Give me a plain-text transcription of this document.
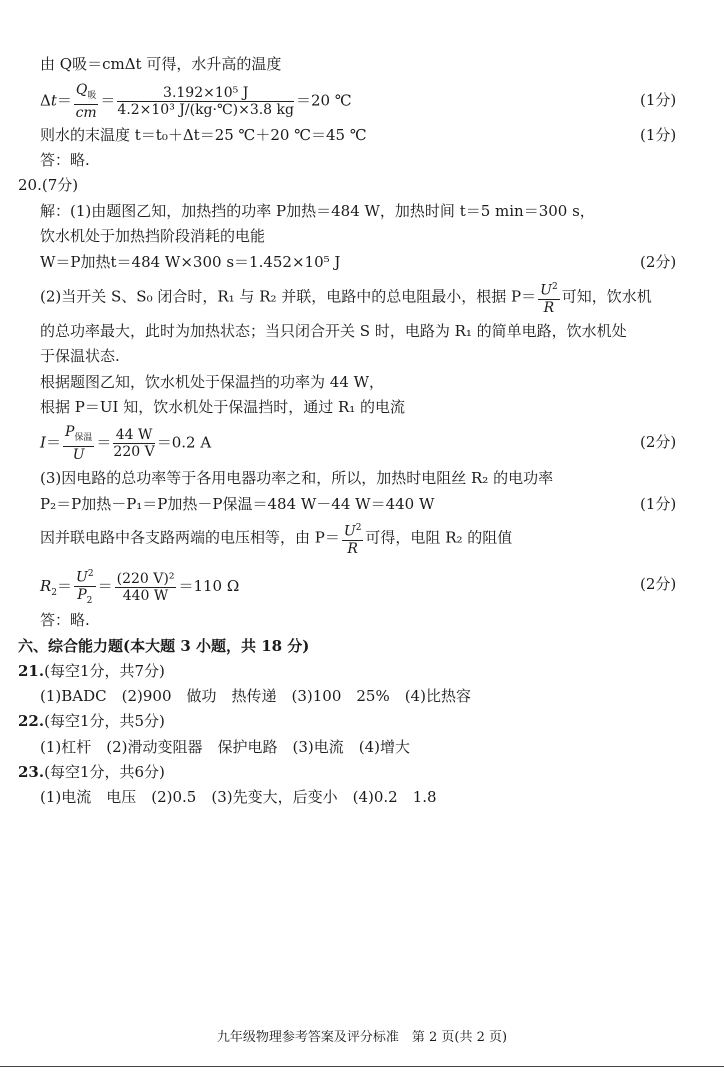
由 Q吸＝cmΔt 可得，水升高的温度
$\Delta t= \frac{Q_吸}{cm} = \frac{\text{3.192×10⁵ J}}{\text{4.2×10³ J/(kg·℃)×3.8 kg}} =20$ ℃	(1分)
则水的末温度 t＝t₀＋Δt＝25 ℃＋20 ℃＝45 ℃	(1分)
答：略.
20.(7分)
解：(1)由题图乙知，加热挡的功率 P加热＝484 W，加热时间 t＝5 min＝300 s，
饮水机处于加热挡阶段消耗的电能
W＝P加热t＝484 W×300 s＝1.452×10⁵ J	(2分)
(2)当开关 S、S₀ 闭合时，R₁ 与 R₂ 并联，电路中的总电阻最小，根据 $P= \frac{U^2}{R}$ 可知，饮水机
的总功率最大，此时为加热状态；当只闭合开关 S 时，电路为 R₁ 的简单电路，饮水机处
于保温状态.
根据题图乙知，饮水机处于保温挡的功率为 44 W，
根据 P＝UI 知，饮水机处于保温挡时，通过 R₁ 的电流
$I= \frac{P_{保温}}{U} = \frac{44 W}{220 V} =0.2$ A	(2分)
(3)因电路的总功率等于各用电器功率之和，所以，加热时电阻丝 R₂ 的电功率
P₂＝P加热－P₁＝P加热－P保温＝484 W－44 W＝440 W	(1分)
因并联电路中各支路两端的电压相等，由 $P= \frac{U^2}{R}$ 可得，电阻 R₂ 的阻值
$R_2= \frac{U^2}{P_2} = \frac{\text{(220 V)²}}{440 W} =110$ Ω	(2分)
答：略.
六、综合能力题(本大题 3 小题，共 18 分)
21.(每空1分，共7分)
(1)BADC　(2)900　做功　热传递　(3)100　25%　(4)比热容
22.(每空1分，共5分)
(1)杠杆　(2)滑动变阻器　保护电路　(3)电流　(4)增大
23.(每空1分，共6分)
(1)电流　电压　(2)0.5　(3)先变大，后变小　(4)0.2　1.8
九年级物理参考答案及评分标准　第 2 页(共 2 页)
